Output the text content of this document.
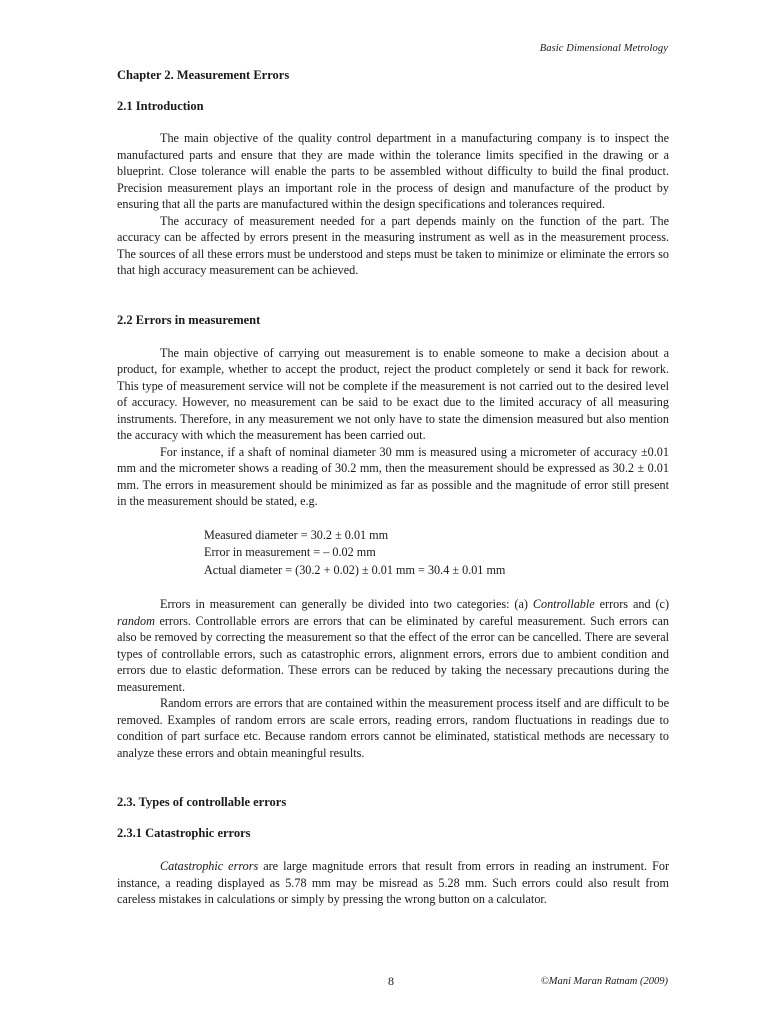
Basic Dimensional Metrology
Chapter 2. Measurement Errors
2.1 Introduction

The main objective of the quality control department in a manufacturing company is to inspect the manufactured parts and ensure that they are made within the tolerance limits specified in the drawing or a blueprint. Close tolerance will enable the parts to be assembled without difficulty to build the final product. Precision measurement plays an important role in the process of design and manufacture of the product by ensuring that all the parts are manufactured within the design specifications and tolerances required.

The accuracy of measurement needed for a part depends mainly on the function of the part. The accuracy can be affected by errors present in the measuring instrument as well as in the measurement process. The sources of all these errors must be understood and steps must be taken to minimize or eliminate the errors so that high accuracy measurement can be achieved.

2.2 Errors in measurement

The main objective of carrying out measurement is to enable someone to make a decision about a product, for example, whether to accept the product, reject the product completely or send it back for rework. This type of measurement service will not be complete if the measurement is not carried out to the desired level of accuracy. However, no measurement can be said to be exact due to the limited accuracy of all measuring instruments. Therefore, in any measurement we not only have to state the dimension measured but also mention the accuracy with which the measurement has been carried out.

For instance, if a shaft of nominal diameter 30 mm is measured using a micrometer of accuracy ±0.01 mm and the micrometer shows a reading of 30.2 mm, then the measurement should be expressed as 30.2 ± 0.01 mm. The errors in measurement should be minimized as far as possible and the magnitude of error still present in the measurement should be stated, e.g.

Measured diameter = 30.2 ± 0.01 mm
Error in measurement = – 0.02 mm
Actual diameter = (30.2 + 0.02) ± 0.01 mm = 30.4 ± 0.01 mm

Errors in measurement can generally be divided into two categories: (a) Controllable errors and (c) random errors. Controllable errors are errors that can be eliminated by careful measurement. Such errors can also be removed by correcting the measurement so that the effect of the error can be cancelled. There are several types of controllable errors, such as catastrophic errors, alignment errors, errors due to ambient condition and errors due to elastic deformation. These errors can be reduced by taking the necessary precautions during the measurement.

Random errors are errors that are contained within the measurement process itself and are difficult to be removed. Examples of random errors are scale errors, reading errors, random fluctuations in readings due to condition of part surface etc. Because random errors cannot be eliminated, statistical methods are necessary to analyze these errors and obtain meaningful results.

2.3. Types of controllable errors
2.3.1 Catastrophic errors

Catastrophic errors are large magnitude errors that result from errors in reading an instrument. For instance, a reading displayed as 5.78 mm may be misread as 5.28 mm. Such errors could also result from careless mistakes in calculations or simply by pressing the wrong button on a calculator.

8	©Mani Maran Ratnam (2009)
